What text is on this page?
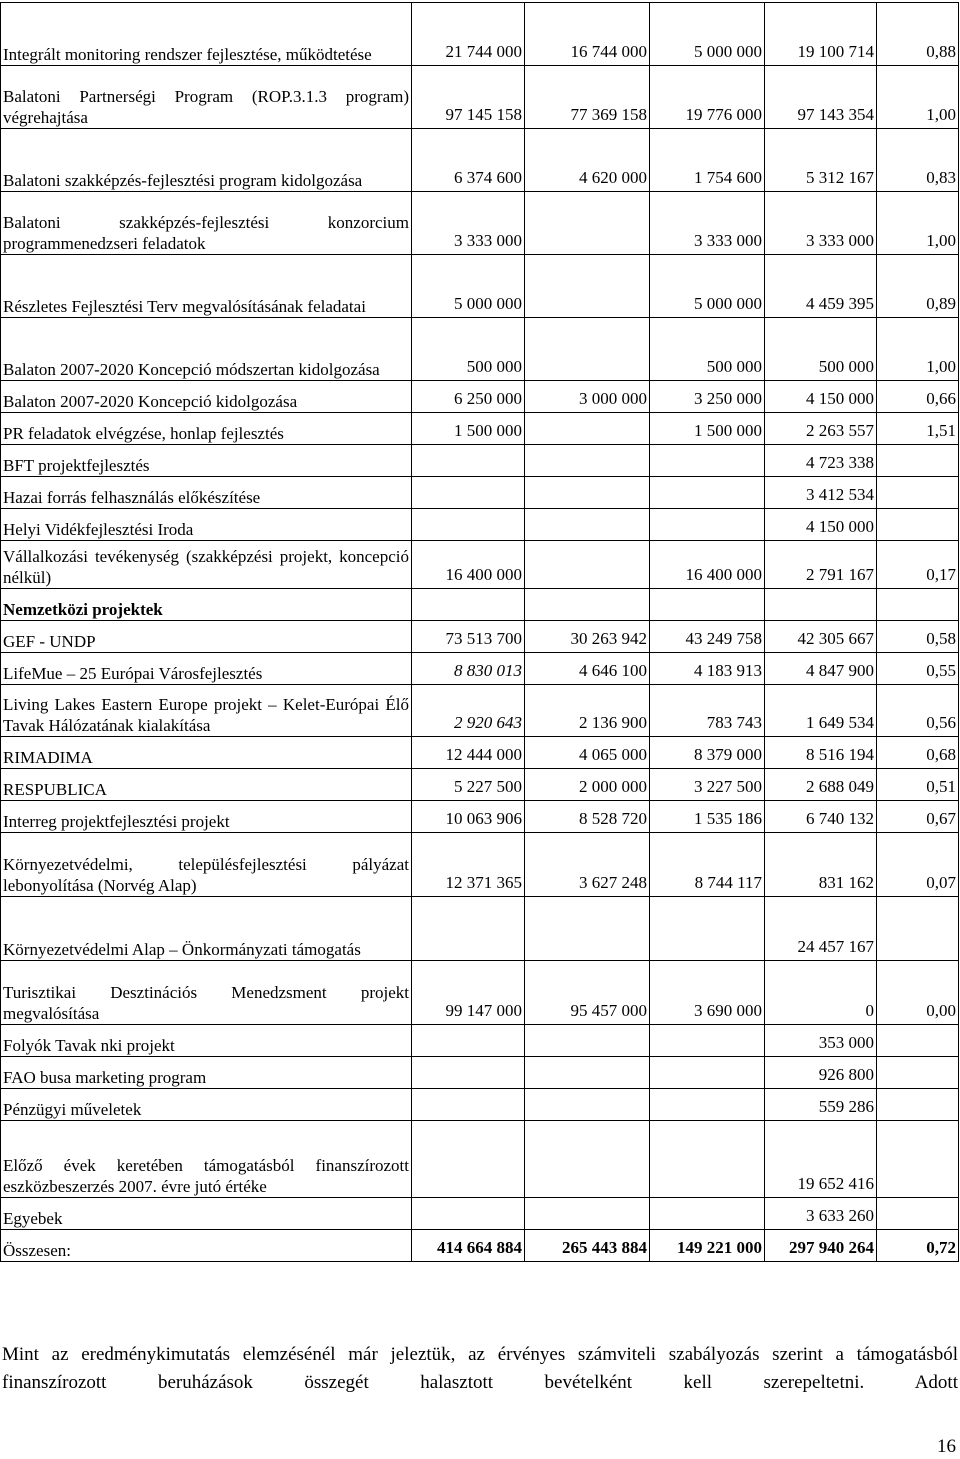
Integrált monitoring rendszer fejlesztése, működtetése	21 744 000	16 744 000	5 000 000	19 100 714	0,88
Balatoni Partnerségi Program (ROP.3.1.3 program) végrehajtása	97 145 158	77 369 158	19 776 000	97 143 354	1,00
Balatoni szakképzés-fejlesztési program kidolgozása	6 374 600	4 620 000	1 754 600	5 312 167	0,83
Balatoni szakképzés-fejlesztési konzorcium programmenedzseri feladatok	3 333 000		3 333 000	3 333 000	1,00
Részletes Fejlesztési Terv megvalósításának feladatai	5 000 000		5 000 000	4 459 395	0,89
Balaton 2007-2020 Koncepció módszertan kidolgozása	500 000		500 000	500 000	1,00
Balaton 2007-2020 Koncepció kidolgozása	6 250 000	3 000 000	3 250 000	4 150 000	0,66
PR feladatok elvégzése, honlap fejlesztés	1 500 000		1 500 000	2 263 557	1,51
BFT projektfejlesztés				4 723 338	
Hazai forrás felhasználás előkészítése				3 412 534	
Helyi Vidékfejlesztési Iroda				4 150 000	
Vállalkozási tevékenység (szakképzési projekt, koncepció nélkül)	16 400 000		16 400 000	2 791 167	0,17
Nemzetközi projektek					
GEF - UNDP	73 513 700	30 263 942	43 249 758	42 305 667	0,58
LifeMue – 25 Európai Városfejlesztés	8 830 013	4 646 100	4 183 913	4 847 900	0,55
Living Lakes Eastern Europe projekt – Kelet-Európai Élő Tavak Hálózatának kialakítása	2 920 643	2 136 900	783 743	1 649 534	0,56
RIMADIMA	12 444 000	4 065 000	8 379 000	8 516 194	0,68
RESPUBLICA	5 227 500	2 000 000	3 227 500	2 688 049	0,51
Interreg projektfejlesztési projekt	10 063 906	8 528 720	1 535 186	6 740 132	0,67
Környezetvédelmi, településfejlesztési pályázat lebonyolítása (Norvég Alap)	12 371 365	3 627 248	8 744 117	831 162	0,07
Környezetvédelmi Alap – Önkormányzati támogatás				24 457 167	
Turisztikai Desztinációs Menedzsment projekt megvalósítása	99 147 000	95 457 000	3 690 000	0	0,00
Folyók Tavak nki projekt				353 000	
FAO busa marketing program				926 800	
Pénzügyi műveletek				559 286	
Előző évek keretében támogatásból finanszírozott eszközbeszerzés 2007. évre jutó értéke				19 652 416	
Egyebek				3 633 260	
Összesen:	414 664 884	265 443 884	149 221 000	297 940 264	0,72

Mint az eredménykimutatás elemzésénél már jeleztük, az érvényes számviteli szabályozás szerint a támogatásból finanszírozott beruházások összegét halasztott bevételként kell szerepeltetni. Adott

16
